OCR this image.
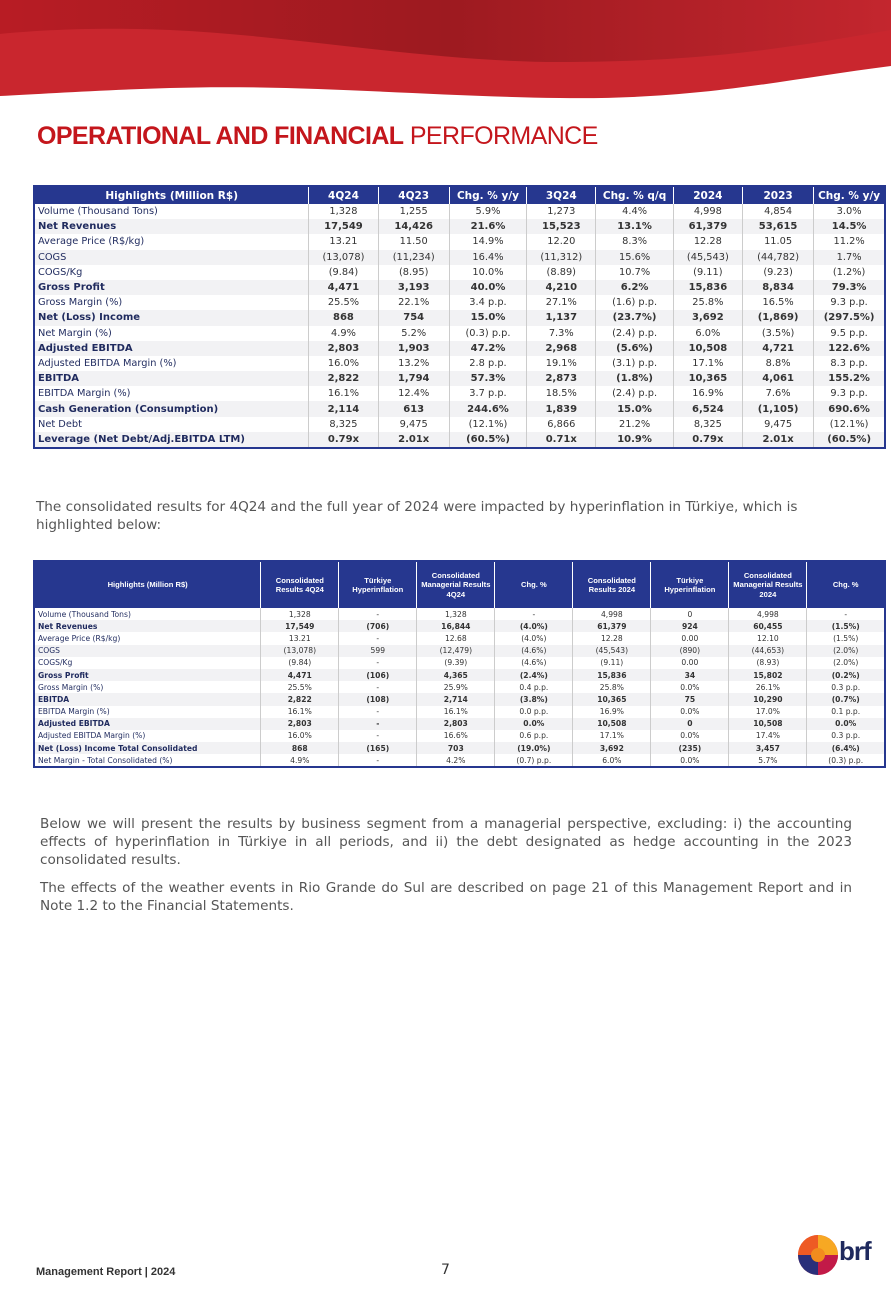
OPERATIONAL AND FINANCIAL PERFORMANCE
Highlights (Million R$)	4Q24	4Q23	Chg. % y/y	3Q24	Chg. % q/q	2024	2023	Chg. % y/y
Volume (Thousand Tons)	1,328	1,255	5.9%	1,273	4.4%	4,998	4,854	3.0%
Net Revenues	17,549	14,426	21.6%	15,523	13.1%	61,379	53,615	14.5%
Average Price (R$/kg)	13.21	11.50	14.9%	12.20	8.3%	12.28	11.05	11.2%
COGS	(13,078)	(11,234)	16.4%	(11,312)	15.6%	(45,543)	(44,782)	1.7%
COGS/Kg	(9.84)	(8.95)	10.0%	(8.89)	10.7%	(9.11)	(9.23)	(1.2%)
Gross Profit	4,471	3,193	40.0%	4,210	6.2%	15,836	8,834	79.3%
Gross Margin (%)	25.5%	22.1%	3.4 p.p.	27.1%	(1.6) p.p.	25.8%	16.5%	9.3 p.p.
Net (Loss) Income	868	754	15.0%	1,137	(23.7%)	3,692	(1,869)	(297.5%)
Net Margin (%)	4.9%	5.2%	(0.3) p.p.	7.3%	(2.4) p.p.	6.0%	(3.5%)	9.5 p.p.
Adjusted EBITDA	2,803	1,903	47.2%	2,968	(5.6%)	10,508	4,721	122.6%
Adjusted EBITDA Margin (%)	16.0%	13.2%	2.8 p.p.	19.1%	(3.1) p.p.	17.1%	8.8%	8.3 p.p.
EBITDA	2,822	1,794	57.3%	2,873	(1.8%)	10,365	4,061	155.2%
EBITDA Margin (%)	16.1%	12.4%	3.7 p.p.	18.5%	(2.4) p.p.	16.9%	7.6%	9.3 p.p.
Cash Generation (Consumption)	2,114	613	244.6%	1,839	15.0%	6,524	(1,105)	690.6%
Net Debt	8,325	9,475	(12.1%)	6,866	21.2%	8,325	9,475	(12.1%)
Leverage (Net Debt/Adj.EBITDA LTM)	0.79x	2.01x	(60.5%)	0.71x	10.9%	0.79x	2.01x	(60.5%)
The consolidated results for 4Q24 and the full year of 2024 were impacted by hyperinflation in Türkiye, which is highlighted below:
Highlights (Million R$)	Consolidated Results 4Q24	Türkiye Hyperinflation	Consolidated Managerial Results 4Q24	Chg. %	Consolidated Results 2024	Türkiye Hyperinflation	Consolidated Managerial Results 2024	Chg. %
Volume (Thousand Tons)	1,328	-	1,328	-	4,998	0	4,998	-
Net Revenues	17,549	(706)	16,844	(4.0%)	61,379	924	60,455	(1.5%)
Average Price (R$/kg)	13.21	-	12.68	(4.0%)	12.28	0.00	12.10	(1.5%)
COGS	(13,078)	599	(12,479)	(4.6%)	(45,543)	(890)	(44,653)	(2.0%)
COGS/Kg	(9.84)	-	(9.39)	(4.6%)	(9.11)	0.00	(8.93)	(2.0%)
Gross Profit	4,471	(106)	4,365	(2.4%)	15,836	34	15,802	(0.2%)
Gross Margin (%)	25.5%	-	25.9%	0.4 p.p.	25.8%	0.0%	26.1%	0.3 p.p.
EBITDA	2,822	(108)	2,714	(3.8%)	10,365	75	10,290	(0.7%)
EBITDA Margin (%)	16.1%	-	16.1%	0.0 p.p.	16.9%	0.0%	17.0%	0.1 p.p.
Adjusted EBITDA	2,803	-	2,803	0.0%	10,508	0	10,508	0.0%
Adjusted EBITDA Margin (%)	16.0%	-	16.6%	0.6 p.p.	17.1%	0.0%	17.4%	0.3 p.p.
Net (Loss) Income Total Consolidated	868	(165)	703	(19.0%)	3,692	(235)	3,457	(6.4%)
Net Margin - Total Consolidated (%)	4.9%	-	4.2%	(0.7) p.p.	6.0%	0.0%	5.7%	(0.3) p.p.

Below we will present the results by business segment from a managerial perspective, excluding: i) the accounting effects of hyperinflation in Türkiye in all periods, and ii) the debt designated as hedge accounting in the 2023 consolidated results.

The effects of the weather events in Rio Grande do Sul are described on page 21 of this Management Report and in Note 1.2 to the Financial Statements.

Management Report | 2024	7
brf
